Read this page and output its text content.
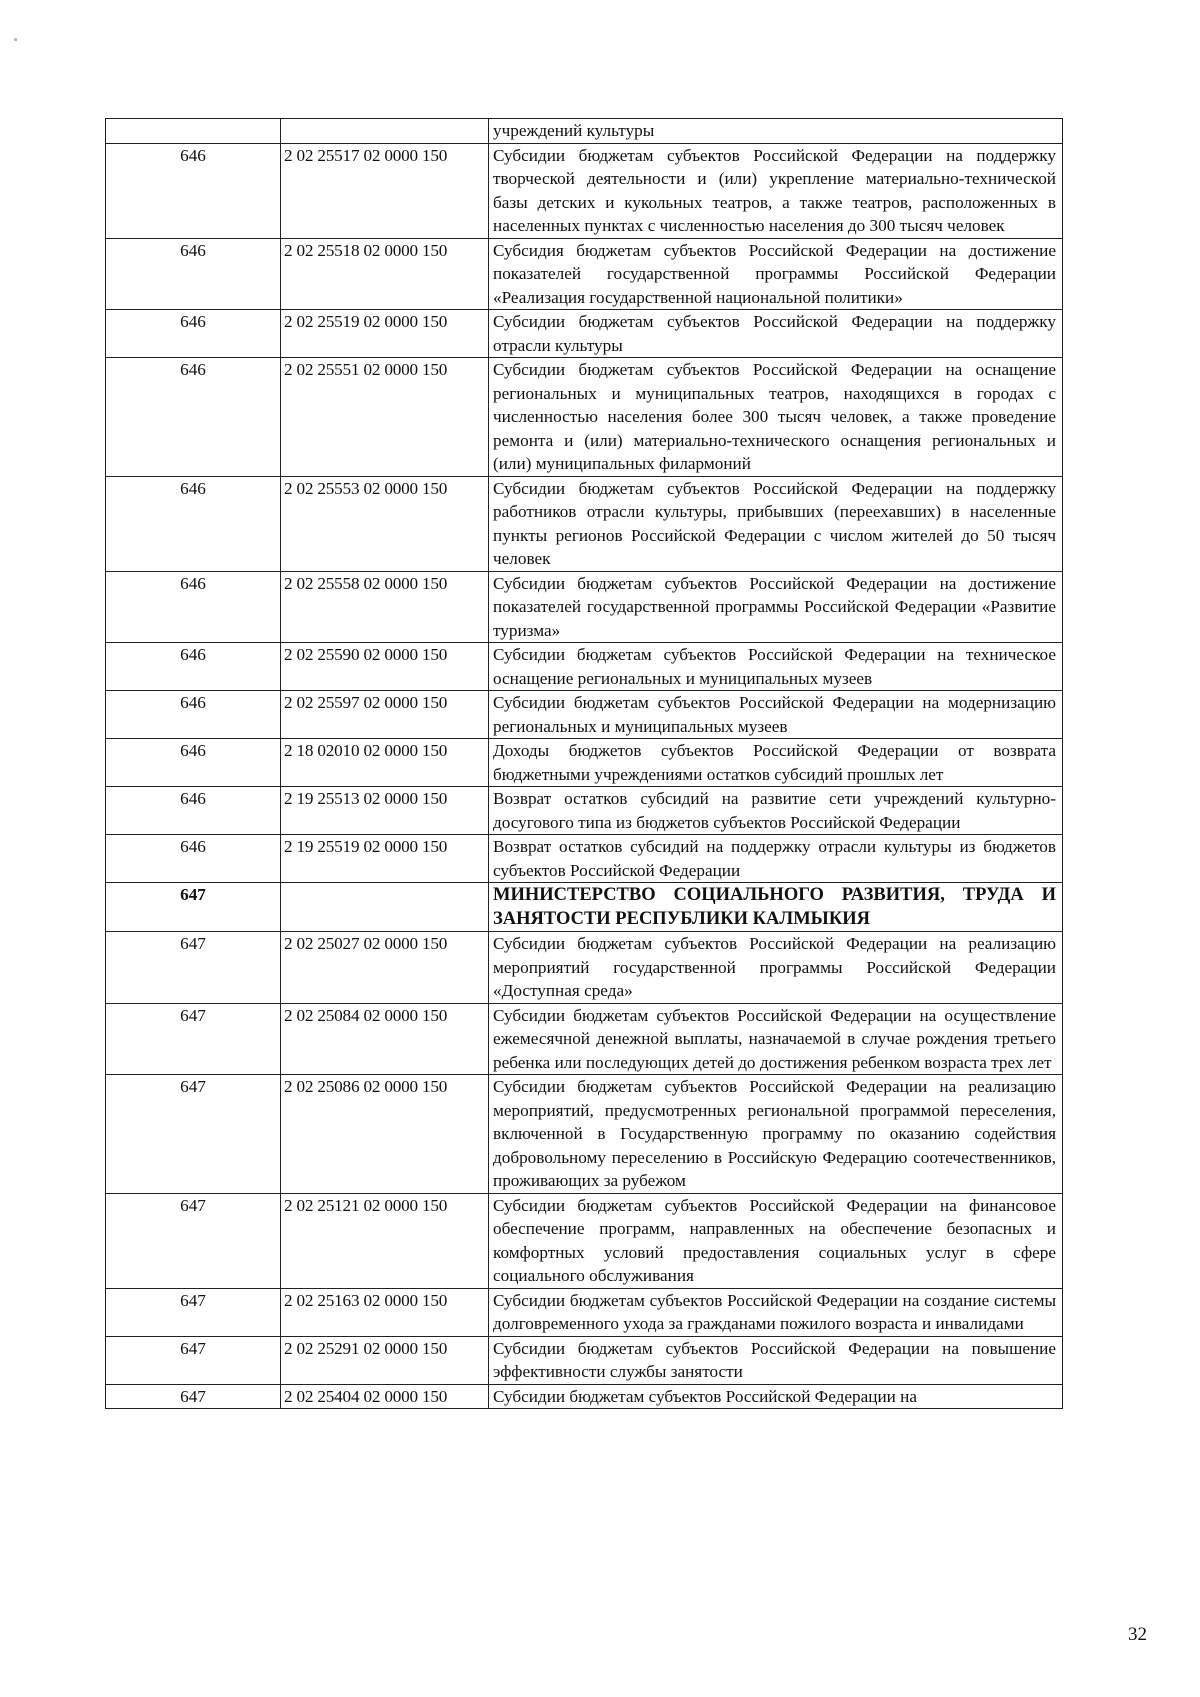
		учреждений культуры
646	2 02 25517 02 0000 150	Субсидии бюджетам субъектов Российской Федерации на поддержку творческой деятельности и (или) укрепление материально-технической базы детских и кукольных театров, а также театров, расположенных в населенных пунктах с численностью населения до 300 тысяч человек
646	2 02 25518 02 0000 150	Субсидия бюджетам субъектов Российской Федерации на достижение показателей государственной программы Российской Федерации «Реализация государственной национальной политики»
646	2 02 25519 02 0000 150	Субсидии бюджетам субъектов Российской Федерации на поддержку отрасли культуры
646	2 02 25551 02 0000 150	Субсидии бюджетам субъектов Российской Федерации на оснащение региональных и муниципальных театров, находящихся в городах с численностью населения более 300 тысяч человек, а также проведение ремонта и (или) материально-технического оснащения региональных и (или) муниципальных филармоний
646	2 02 25553 02 0000 150	Субсидии бюджетам субъектов Российской Федерации на поддержку работников отрасли культуры, прибывших (переехавших) в населенные пункты регионов Российской Федерации с числом жителей до 50 тысяч человек
646	2 02 25558 02 0000 150	Субсидии бюджетам субъектов Российской Федерации на достижение показателей государственной программы Российской Федерации «Развитие туризма»
646	2 02 25590 02 0000 150	Субсидии бюджетам субъектов Российской Федерации на техническое оснащение региональных и муниципальных музеев
646	2 02 25597 02 0000 150	Субсидии бюджетам субъектов Российской Федерации на модернизацию региональных и муниципальных музеев
646	2 18 02010 02 0000 150	Доходы бюджетов субъектов Российской Федерации от возврата бюджетными учреждениями остатков субсидий прошлых лет
646	2 19 25513 02 0000 150	Возврат остатков субсидий на развитие сети учреждений культурно-досугового типа из бюджетов субъектов Российской Федерации
646	2 19 25519 02 0000 150	Возврат остатков субсидий на поддержку отрасли культуры из бюджетов субъектов Российской Федерации
647		МИНИСТЕРСТВО СОЦИАЛЬНОГО РАЗВИТИЯ, ТРУДА И ЗАНЯТОСТИ РЕСПУБЛИКИ КАЛМЫКИЯ
647	2 02 25027 02 0000 150	Субсидии бюджетам субъектов Российской Федерации на реализацию мероприятий государственной программы Российской Федерации «Доступная среда»
647	2 02 25084 02 0000 150	Субсидии бюджетам субъектов Российской Федерации на осуществление ежемесячной денежной выплаты, назначаемой в случае рождения третьего ребенка или последующих детей до достижения ребенком возраста трех лет
647	2 02 25086 02 0000 150	Субсидии бюджетам субъектов Российской Федерации на реализацию мероприятий, предусмотренных региональной программой переселения, включенной в Государственную программу по оказанию содействия добровольному переселению в Российскую Федерацию соотечественников, проживающих за рубежом
647	2 02 25121 02 0000 150	Субсидии бюджетам субъектов Российской Федерации на финансовое обеспечение программ, направленных на обеспечение безопасных и комфортных условий предоставления социальных услуг в сфере социального обслуживания
647	2 02 25163 02 0000 150	Субсидии бюджетам субъектов Российской Федерации на создание системы долговременного ухода за гражданами пожилого возраста и инвалидами
647	2 02 25291 02 0000 150	Субсидии бюджетам субъектов Российской Федерации на повышение эффективности службы занятости
647	2 02 25404 02 0000 150	Субсидии бюджетам субъектов Российской Федерации на
32
